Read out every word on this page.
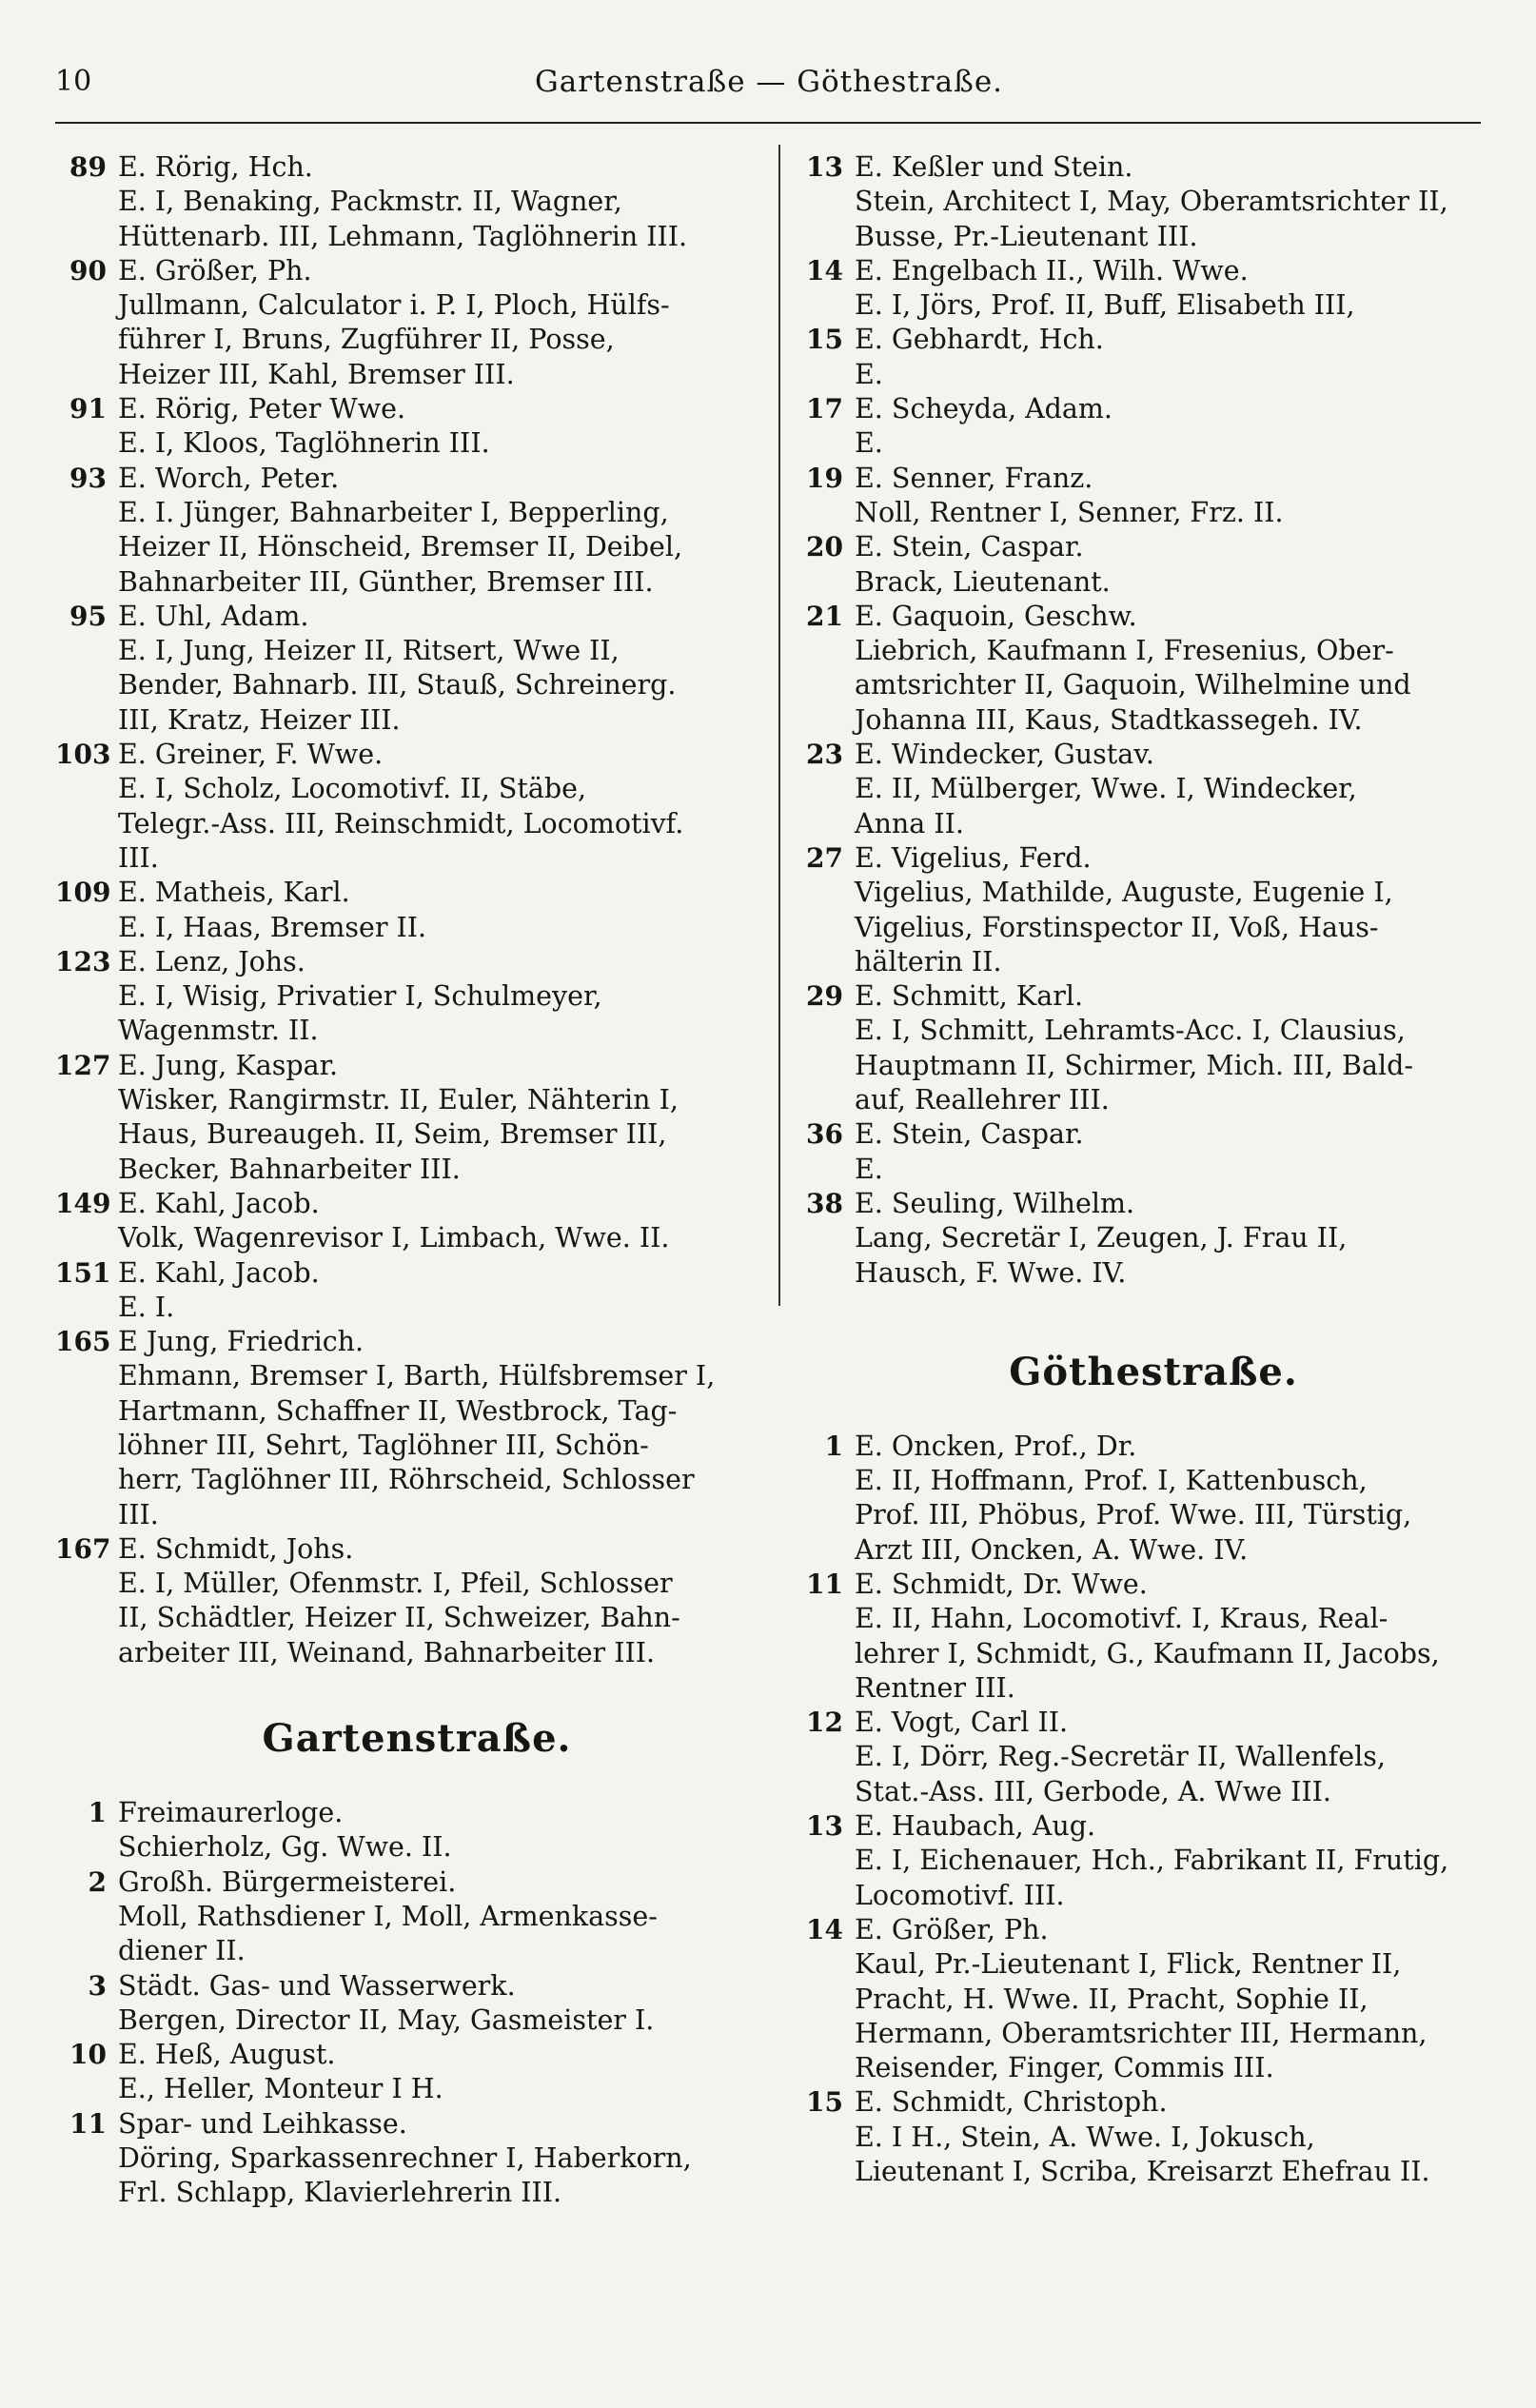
10	Gartenstraße — Göthestraße.
89 E. Rörig, Hch.
E. I, Benaking, Packmstr. II, Wagner,
Hüttenarb. III, Lehmann, Taglöhnerin III.
90 E. Größer, Ph.
Jullmann, Calculator i. P. I, Ploch, Hülfs-
führer I, Bruns, Zugführer II, Posse,
Heizer III, Kahl, Bremser III.
91 E. Rörig, Peter Wwe.
E. I, Kloos, Taglöhnerin III.
93 E. Worch, Peter.
E. I. Jünger, Bahnarbeiter I, Bepperling,
Heizer II, Hönscheid, Bremser II, Deibel,
Bahnarbeiter III, Günther, Bremser III.
95 E. Uhl, Adam.
E. I, Jung, Heizer II, Ritsert, Wwe II,
Bender, Bahnarb. III, Stauß, Schreinerg.
III, Kratz, Heizer III.
103 E. Greiner, F. Wwe.
E. I, Scholz, Locomotivf. II, Stäbe,
Telegr.-Ass. III, Reinschmidt, Locomotivf.
III.
109 E. Matheis, Karl.
E. I, Haas, Bremser II.
123 E. Lenz, Johs.
E. I, Wisig, Privatier I, Schulmeyer,
Wagenmstr. II.
127 E. Jung, Kaspar.
Wisker, Rangirmstr. II, Euler, Nähterin I,
Haus, Bureaugeh. II, Seim, Bremser III,
Becker, Bahnarbeiter III.
149 E. Kahl, Jacob.
Volk, Wagenrevisor I, Limbach, Wwe. II.
151 E. Kahl, Jacob.
E. I.
165 E Jung, Friedrich.
Ehmann, Bremser I, Barth, Hülfsbremser I,
Hartmann, Schaffner II, Westbrock, Tag-
löhner III, Sehrt, Taglöhner III, Schön-
herr, Taglöhner III, Röhrscheid, Schlosser
III.
167 E. Schmidt, Johs.
E. I, Müller, Ofenmstr. I, Pfeil, Schlosser
II, Schädtler, Heizer II, Schweizer, Bahn-
arbeiter III, Weinand, Bahnarbeiter III.
Gartenstraße.
1 Freimaurerloge.
Schierholz, Gg. Wwe. II.
2 Großh. Bürgermeisterei.
Moll, Rathsdiener I, Moll, Armenkasse-
diener II.
3 Städt. Gas- und Wasserwerk.
Bergen, Director II, May, Gasmeister I.
10 E. Heß, August.
E., Heller, Monteur I H.
11 Spar- und Leihkasse.
Döring, Sparkassenrechner I, Haberkorn,
Frl. Schlapp, Klavierlehrerin III.
13 E. Keßler und Stein.
Stein, Architect I, May, Oberamtsrichter II,
Busse, Pr.-Lieutenant III.
14 E. Engelbach II., Wilh. Wwe.
E. I, Jörs, Prof. II, Buff, Elisabeth III,
15 E. Gebhardt, Hch.
E.
17 E. Scheyda, Adam.
E.
19 E. Senner, Franz.
Noll, Rentner I, Senner, Frz. II.
20 E. Stein, Caspar.
Brack, Lieutenant.
21 E. Gaquoin, Geschw.
Liebrich, Kaufmann I, Fresenius, Ober-
amtsrichter II, Gaquoin, Wilhelmine und
Johanna III, Kaus, Stadtkassegeh. IV.
23 E. Windecker, Gustav.
E. II, Mülberger, Wwe. I, Windecker,
Anna II.
27 E. Vigelius, Ferd.
Vigelius, Mathilde, Auguste, Eugenie I,
Vigelius, Forstinspector II, Voß, Haus-
hälterin II.
29 E. Schmitt, Karl.
E. I, Schmitt, Lehramts-Acc. I, Clausius,
Hauptmann II, Schirmer, Mich. III, Bald-
auf, Reallehrer III.
36 E. Stein, Caspar.
E.
38 E. Seuling, Wilhelm.
Lang, Secretär I, Zeugen, J. Frau II,
Hausch, F. Wwe. IV.
Göthestraße.
1 E. Oncken, Prof., Dr.
E. II, Hoffmann, Prof. I, Kattenbusch,
Prof. III, Phöbus, Prof. Wwe. III, Türstig,
Arzt III, Oncken, A. Wwe. IV.
11 E. Schmidt, Dr. Wwe.
E. II, Hahn, Locomotivf. I, Kraus, Real-
lehrer I, Schmidt, G., Kaufmann II, Jacobs,
Rentner III.
12 E. Vogt, Carl II.
E. I, Dörr, Reg.-Secretär II, Wallenfels,
Stat.-Ass. III, Gerbode, A. Wwe III.
13 E. Haubach, Aug.
E. I, Eichenauer, Hch., Fabrikant II, Frutig,
Locomotivf. III.
14 E. Größer, Ph.
Kaul, Pr.-Lieutenant I, Flick, Rentner II,
Pracht, H. Wwe. II, Pracht, Sophie II,
Hermann, Oberamtsrichter III, Hermann,
Reisender, Finger, Commis III.
15 E. Schmidt, Christoph.
E. I H., Stein, A. Wwe. I, Jokusch,
Lieutenant I, Scriba, Kreisarzt Ehefrau II.
